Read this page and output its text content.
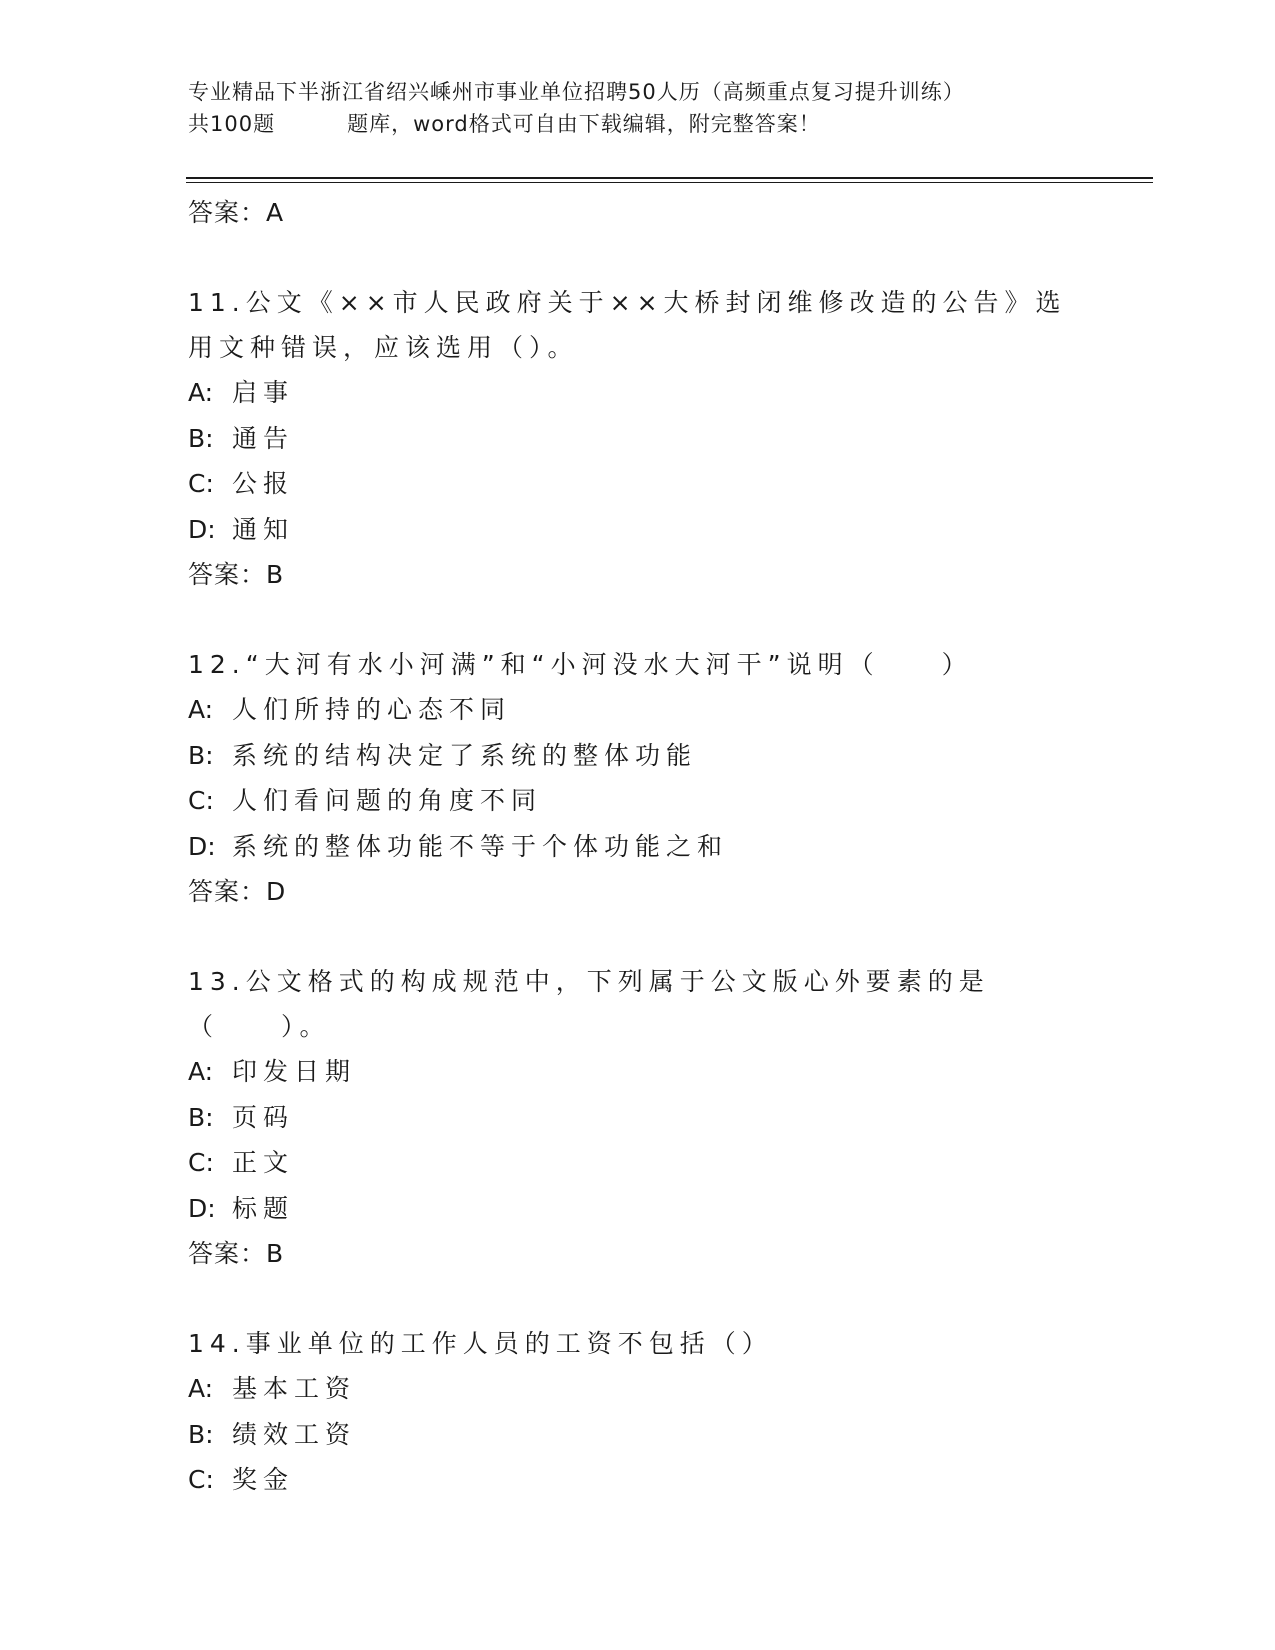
专业精品下半浙江省绍兴嵊州市事业单位招聘50人历（高频重点复习提升训练）
共100题	题库，word格式可自由下载编辑，附完整答案！
答案：A
11.公文《××市人民政府关于××大桥封闭维修改造的公告》选用文种错误，应该选用（）。
A: 启事
B: 通告
C: 公报
D: 通知
答案：B
12.“大河有水小河满”和“小河没水大河干”说明（　　）
A: 人们所持的心态不同
B: 系统的结构决定了系统的整体功能
C: 人们看问题的角度不同
D: 系统的整体功能不等于个体功能之和
答案：D
13.公文格式的构成规范中，下列属于公文版心外要素的是（　　）。
A: 印发日期
B: 页码
C: 正文
D: 标题
答案：B
14.事业单位的工作人员的工资不包括（）
A: 基本工资
B: 绩效工资
C: 奖金
